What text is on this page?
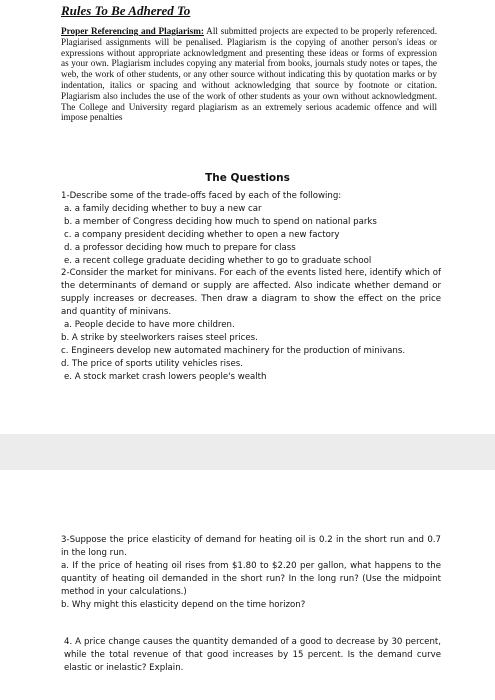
Rules To Be Adhered To

Proper Referencing and Plagiarism: All submitted projects are expected to be properly referenced. Plagiarised assignments will be penalised. Plagiarism is the copying of another person's ideas or expressions without appropriate acknowledgment and presenting these ideas or forms of expression as your own. Plagiarism includes copying any material from books, journals study notes or tapes, the web, the work of other students, or any other source without indicating this by quotation marks or by indentation, italics or spacing and without acknowledging that source by footnote or citation. Plagiarism also includes the use of the work of other students as your own without acknowledgment. The College and University regard plagiarism as an extremely serious academic offence and will impose penalties

The Questions

1-Describe some of the trade-offs faced by each of the following:

a. a family deciding whether to buy a new car

b. a member of Congress deciding how much to spend on national parks

c. a company president deciding whether to open a new factory

d. a professor deciding how much to prepare for class

e. a recent college graduate deciding whether to go to graduate school

2-Consider the market for minivans. For each of the events listed here, identify which of the determinants of demand or supply are affected. Also indicate whether demand or supply increases or decreases. Then draw a diagram to show the effect on the price and quantity of minivans.

a. People decide to have more children.

b. A strike by steelworkers raises steel prices.

c. Engineers develop new automated machinery for the production of minivans.

d. The price of sports utility vehicles rises.

e. A stock market crash lowers people's wealth

3-Suppose the price elasticity of demand for heating oil is 0.2 in the short run and 0.7 in the long run.

a. If the price of heating oil rises from $1.80 to $2.20 per gallon, what happens to the quantity of heating oil demanded in the short run? In the long run? (Use the midpoint method in your calculations.)

b. Why might this elasticity depend on the time horizon?

4. A price change causes the quantity demanded of a good to decrease by 30 percent, while the total revenue of that good increases by 15 percent. Is the demand curve elastic or inelastic? Explain.
